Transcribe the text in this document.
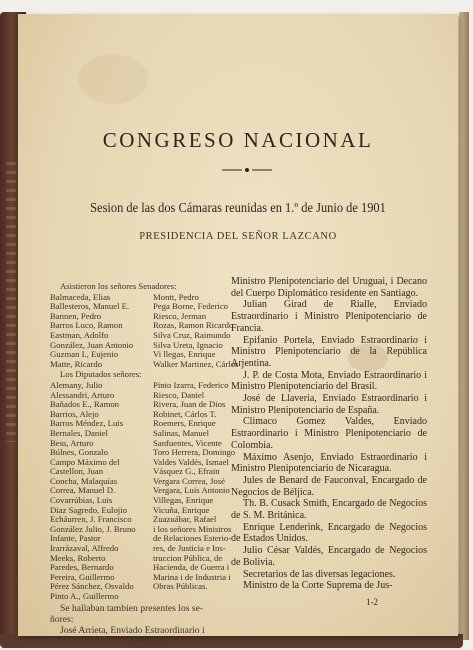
CONGRESO NACIONAL
Sesion de las dos Cámaras reunidas en 1.º de Junio de 1901
PRESIDENCIA DEL SEÑOR LAZCANO
Asistieron los señores Senadores:
Balmaceda, Elias
Ballesteros, Manuel E.
Bannen, Pedro
Barros Luco, Ramon
Eastman, Adolfo
González, Juan Antonio
Guzman I., Eujenio
Matte, Ricardo
Montt, Pedro
Pega Borne, Federico
Riesco, Jerman
Rozas, Ramon Ricardo
Silva Cruz, Raimundo
Silva Ureta, Ignacio
Vi llegas, Enrique
Walker Martinez, Cárlos
Los Diputados señores:
Alemany, Julio
Alessandri, Arturo
Bañados E., Ramon
Barrios, Alejo
Barros Méndez, Luis
Bernales, Daniel
Bess, Arturo
Búlnes, Gonzalo
Campo Máximo del
Castellon, Juan
Concha, Malaquías
Correa, Manuel D.
Covarrúbias, Luis
Diaz Sagredo, Eulojio
Echáurren, J. Francisco
González Julio, J. Bruno
Infante, Pastor
Irarrázaval, Alfredo
Meeks, Roberto
Paredes, Bernardo
Pereira, Guillermo
Pérez Sánchez, Osvaldo
Pinto A., Guillermo
Pinto Izarra, Federico
Riesco, Daniel
Rivera, Juan de Dios
Robinet, Cárlos T.
Roemers, Enrique
Salinas, Manuel
Sanfuentes, Vicente
Toro Herrera, Domingo
Valdes Valdés, Ismael
Vásquez G., Efrain
Vergara Correa, José
Vergara, Luis Antonio
Villegas, Enrique
Vicuña, Enrique
Zuazuábar, Rafael
i los señores Ministros
de Relaciones Esterio-
res, de Justicia e Ins-
truccion Pública, de
Hacienda, de Guerra i
Marina i de Industria i
Obras Públicas.
Se hallaban tambien presentes los se-
ñores:
José Arrieta, Enviado Estraordinario i
S. DEL C. S.

Ministro Plenipotenciario del Uruguai, i Decano del Cuerpo Diplomático residente en Santiago.

Julian Girad de Rialle, Enviado Estraordinario i Ministro Plenipotenciario de Francia.

Epifanio Portela, Enviado Estraordinario i Ministro Plenipotenciario de la República Arjentina.

J. P. de Costa Mota, Enviado Estraordinario i Ministro Plenipotenciario del Brasil.

José de Llaveria, Enviado Estraordinario i Ministro Plenipotenciario de España.

Climaco Gomez Valdes, Enviado Estraordinario i Ministro Plenipotenciario de Colombia.

Máximo Asenjo, Enviado Estraordinario i Ministro Plenipotenciario de Nicaragua.

Jules de Benard de Fauconval, Encargado de Negocios de Béljica.

Th. B. Cusack Smith, Encargado de Negocios de S. M. Británica.

Enrique Lenderink, Encargado de Negocios de Estados Unidos.

Julio César Valdés, Encargado de Negocios de Bolivia.

Secretarios de las diversas legaciones.

Ministro de la Corte Suprema de Jus-

1-2
